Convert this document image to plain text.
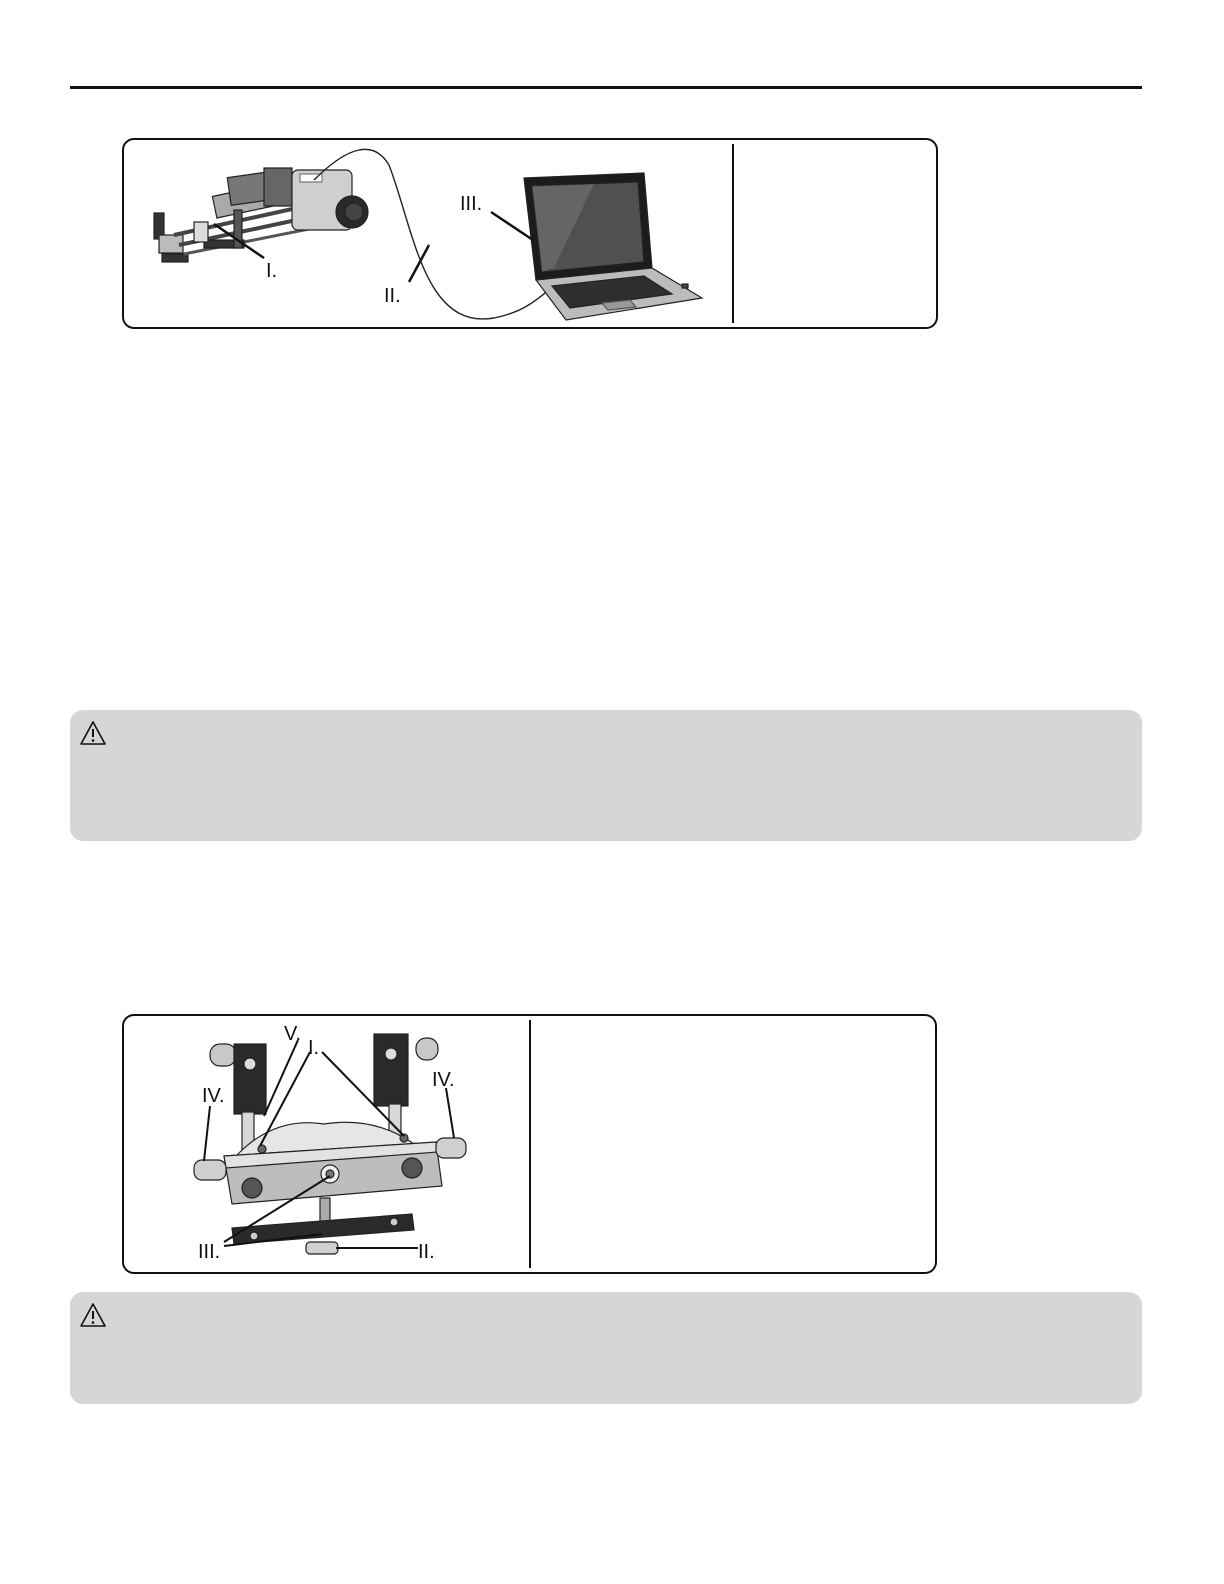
I.
II.
III.
V.
I.
IV.
IV.
III.	II.
